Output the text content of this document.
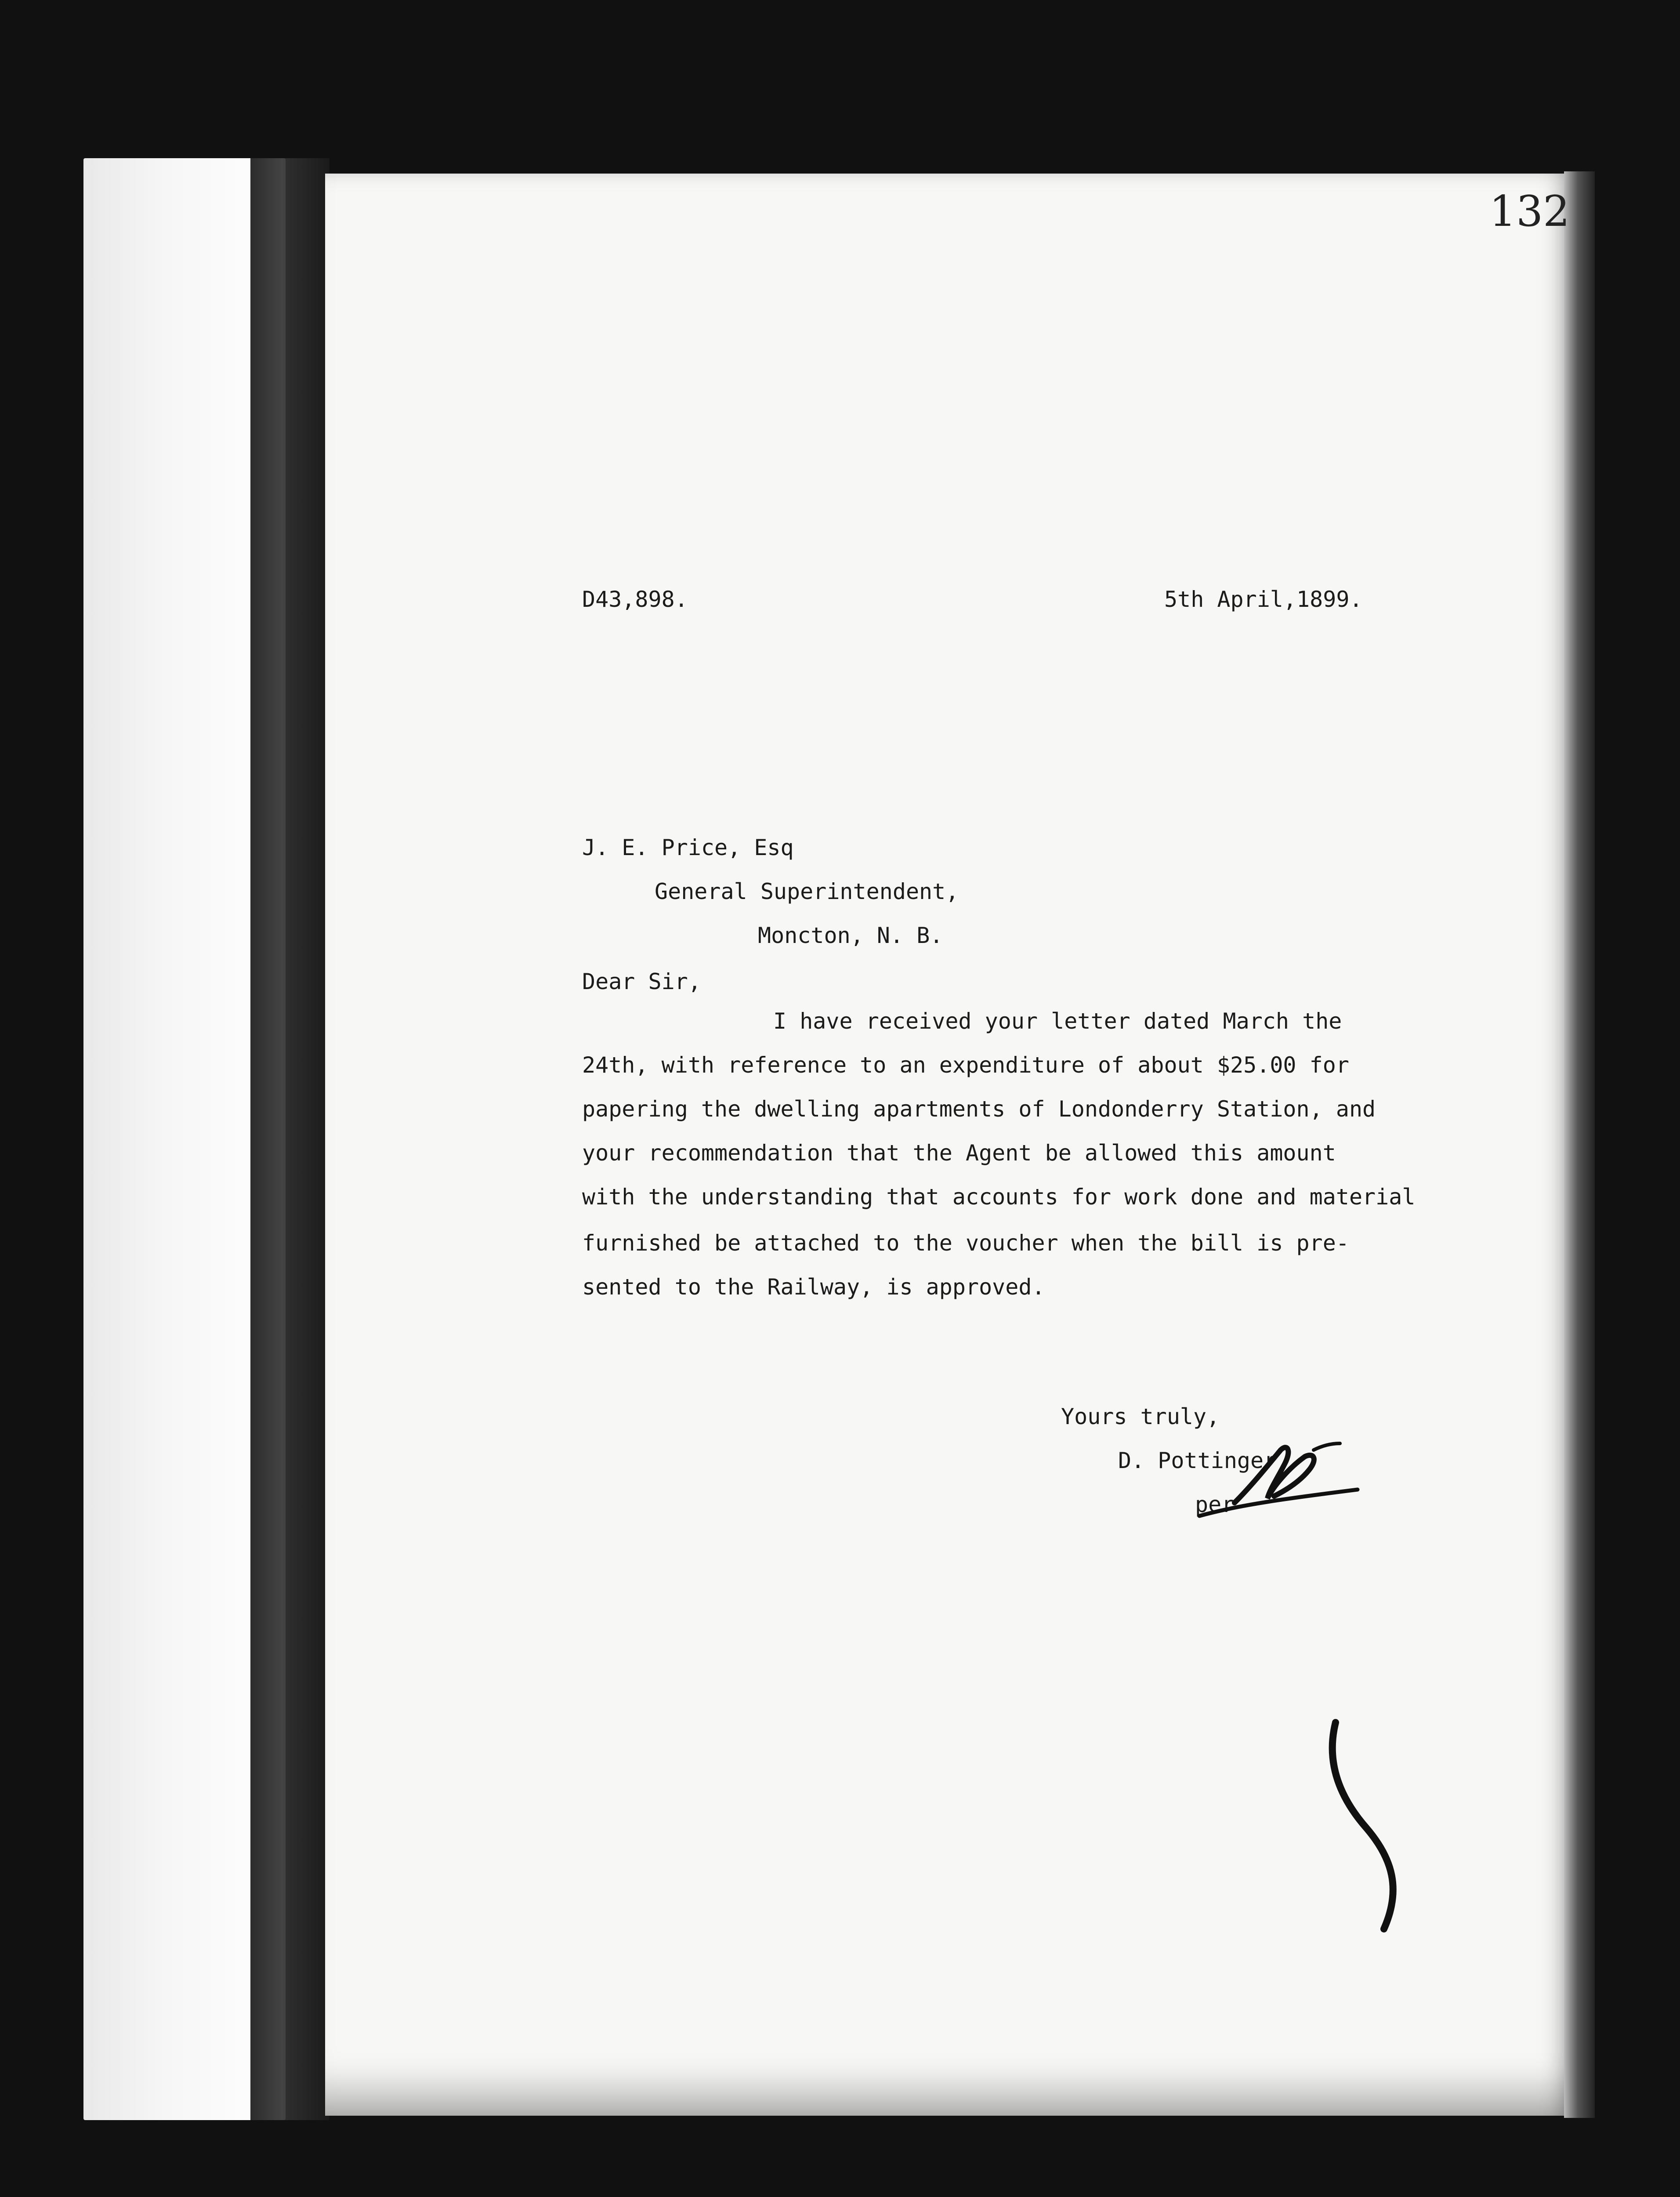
132
D43,898.	5th April,1899.
J. E. Price, Esq
General Superintendent,
Moncton, N. B.
Dear Sir,
I have received your letter dated March the
24th, with reference to an expenditure of about $25.00 for
papering the dwelling apartments of Londonderry Station, and
your recommendation that the Agent be allowed this amount
with the understanding that accounts for work done and material
furnished be attached to the voucher when the bill is pre-
sented to the Railway, is approved.
Yours truly,
D. Pottinger
per
